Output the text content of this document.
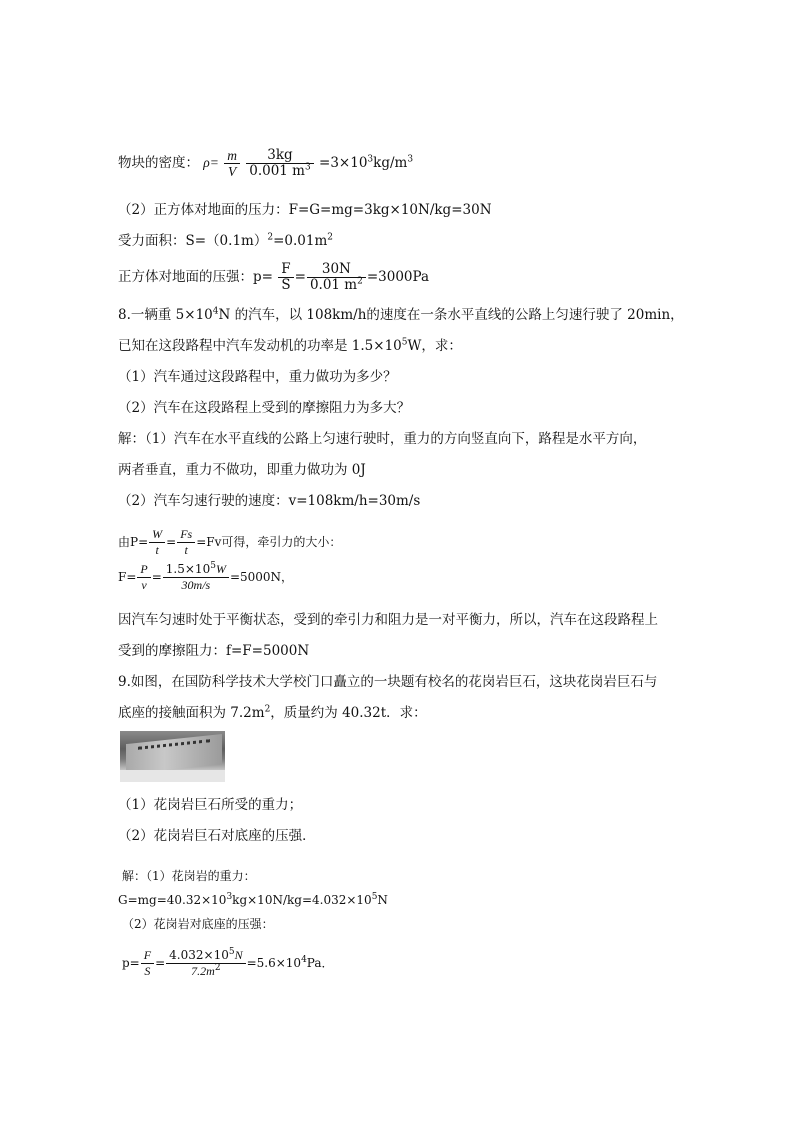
物块的密度： $\rho= \frac{m}{V}$
$\frac{3kg}{0.001 m^3} =3\times 10^3kg/m^3$
（2）正方体对地面的压力：F=G=mg=3kg×10N/kg=30N
受力面积：$S=(0.1m)^2=0.01m^2$
正方体对地面的压强：$p= \frac{F}{S} = \frac{30N}{0.01 m^2} =3000Pa$
8.一辆重 $5\times 10^4N$ 的汽车，以 108km/h的速度在一条水平直线的公路上匀速行驶了 20min，
已知在这段路程中汽车发动机的功率是 $1.5\times 10^5W$，求：
（1）汽车通过这段路程中，重力做功为多少？
（2）汽车在这段路程上受到的摩擦阻力为多大？
解：（1）汽车在水平直线的公路上匀速行驶时，重力的方向竖直向下，路程是水平方向，
两者垂直，重力不做功，即重力做功为 0J
（2）汽车匀速行驶的速度：v=108km/h=30m/s
由$P= \frac{W}{t} = \frac{Fs}{t} =Fv$可得，牵引力的大小：
$F= \frac{P}{v} = \frac{1.5\times 10^5W}{30m/s} =5000N$，
因汽车匀速时处于平衡状态，受到的牵引力和阻力是一对平衡力，所以，汽车在这段路程上
受到的摩擦阻力：f=F=5000N
9.如图，在国防科学技术大学校门口矗立的一块题有校名的花岗岩巨石，这块花岗岩巨石与
底座的接触面积为 $7.2m^2$，质量约为 40.32t．求：
（1）花岗岩巨石所受的重力；
（2）花岗岩巨石对底座的压强．
解：（1）花岗岩的重力：
$G=mg=40.32\times 10^3kg\times 10N/kg=4.032\times 10^5N$
（2）花岗岩对底座的压强：
$p= \frac{F}{S} = \frac{4.032\times 10^5N}{7.2m^2} =5.6\times 10^4Pa$．
